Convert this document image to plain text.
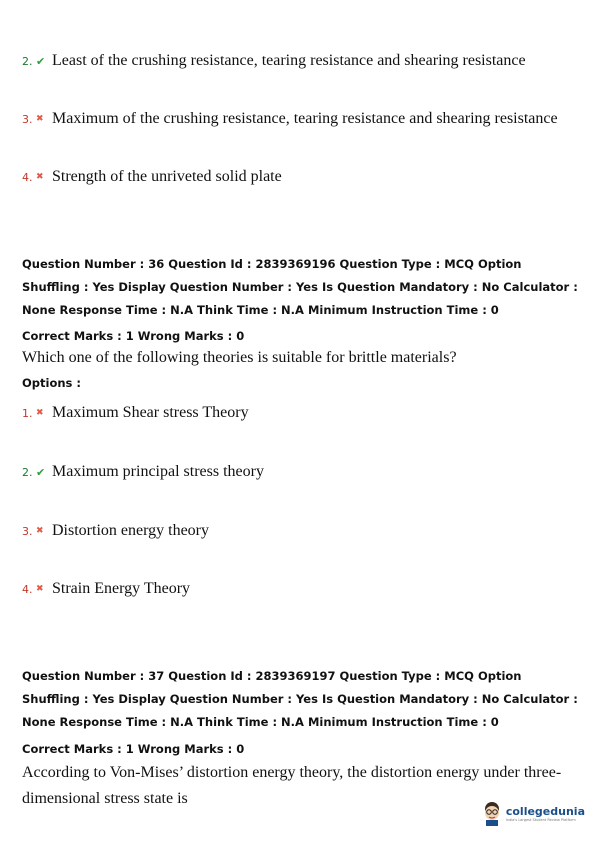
2. ✔ Least of the crushing resistance, tearing resistance and shearing resistance
3. ✖ Maximum of the crushing resistance, tearing resistance and shearing resistance
4. ✖ Strength of the unriveted solid plate
Question Number : 36 Question Id : 2839369196 Question Type : MCQ Option Shuffling : Yes Display Question Number : Yes Is Question Mandatory : No Calculator : None Response Time : N.A Think Time : N.A Minimum Instruction Time : 0
Correct Marks : 1 Wrong Marks : 0
Which one of the following theories is suitable for brittle materials?
Options :
1. ✖ Maximum Shear stress Theory
2. ✔ Maximum principal stress theory
3. ✖ Distortion energy theory
4. ✖ Strain Energy Theory
Question Number : 37 Question Id : 2839369197 Question Type : MCQ Option Shuffling : Yes Display Question Number : Yes Is Question Mandatory : No Calculator : None Response Time : N.A Think Time : N.A Minimum Instruction Time : 0
Correct Marks : 1 Wrong Marks : 0
According to Von-Mises’ distortion energy theory, the distortion energy under three-
dimensional stress state is
collegedunia
India's Largest Student Review Platform
